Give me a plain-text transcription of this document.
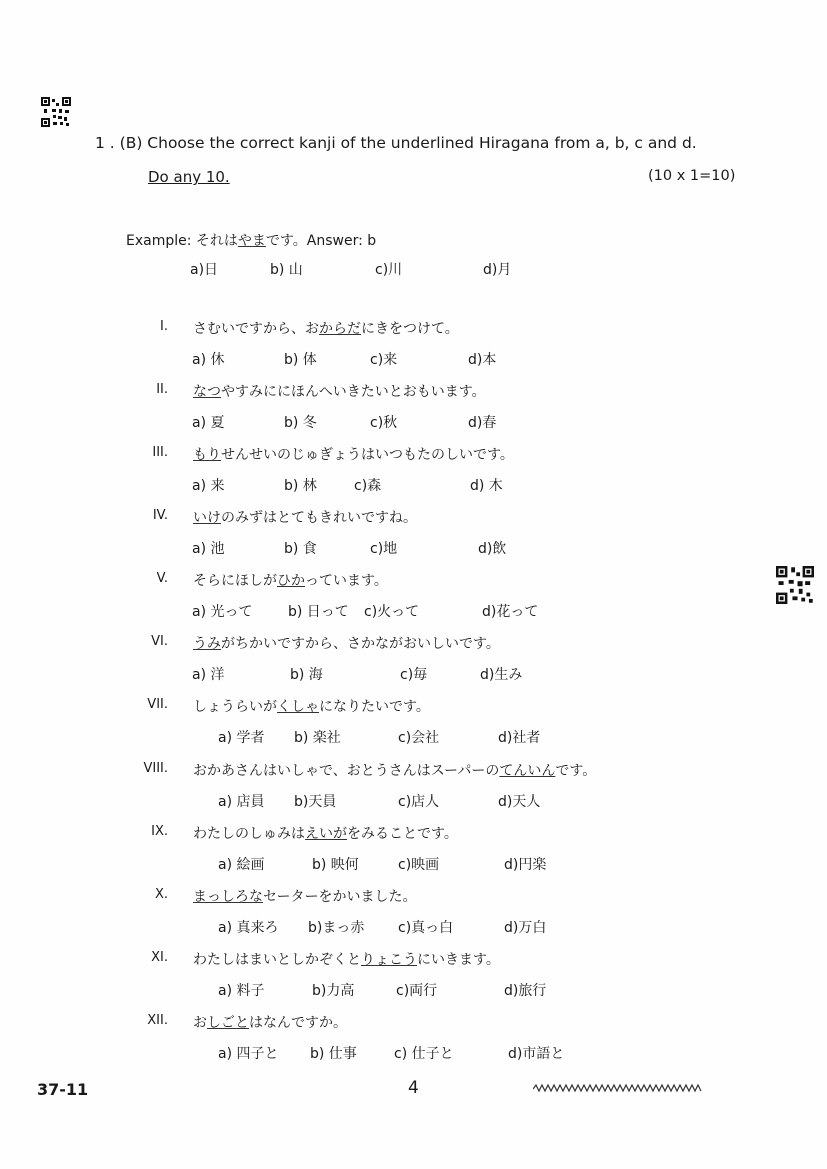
1 . (B) Choose the correct kanji of the underlined Hiragana from a, b, c and d.
Do any 10.	(10 x 1=10)
Example: それはやまです。Answer: b
a)日	b) 山	c)川	d)月
I. さむいですから、おからだにきをつけて。
a) 休	b) 体	c)来	d)本
II. なつやすみににほんへいきたいとおもいます。
a) 夏	b) 冬	c)秋	d)春
III. もりせんせいのじゅぎょうはいつもたのしいです。
a) 来	b) 林	c)森	d) 木
IV. いけのみずはとてもきれいですね。
a) 池	b) 食	c)地	d)飲
V. そらにほしがひかっています。
a) 光って	b) 日って c)火って	d)花って
VI. うみがちかいですから、さかながおいしいです。
a) 洋	b) 海	c)毎	d)生み
VII. しょうらいがくしゃになりたいです。
a) 学者 b) 楽社	c)会社	d)社者
VIII. おかあさんはいしゃで、おとうさんはスーパーのてんいんです。
a) 店員 b)天員	c)店人	d)天人
IX. わたしのしゅみはえいがをみることです。
a) 絵画	b) 映何	c)映画	d)円楽
X. まっしろなセーターをかいました。
a) 真来ろ b)まっ赤 c)真っ白	d)万白
XI. わたしはまいとしかぞくとりょこうにいきます。
a) 料子	b)力高	c)両行	d)旅行
XII. おしごとはなんですか。
a) 四子と b) 仕事	c) 仕子と	d)市語と
37-11	4
